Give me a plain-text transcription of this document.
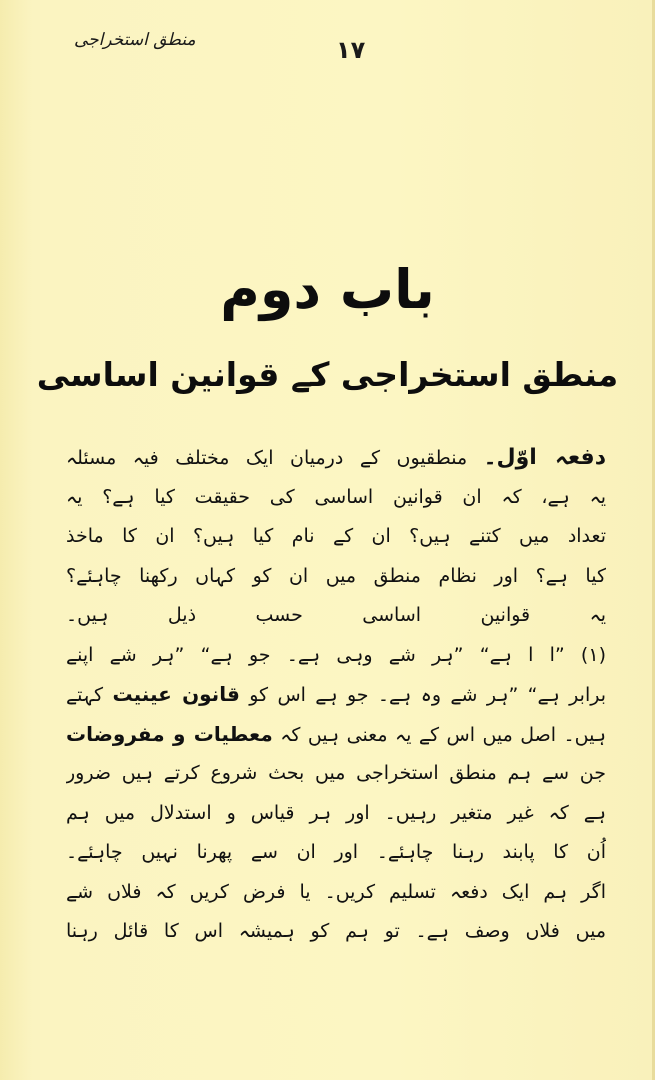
منطق استخراجی	۱۷
باب دوم
منطق استخراجی کے قوانین اساسی
دفعہ اوّل۔ منطقیوں کے درمیان ایک مختلف فیہ مسئلہ
یہ ہے، کہ ان قوانین اساسی کی حقیقت کیا ہے؟ یہ
تعداد میں کتنے ہیں؟ ان کے نام کیا ہیں؟ ان کا ماخذ
کیا ہے؟ اور نظام منطق میں ان کو کہاں رکھنا چاہئے؟
یہ قوانین اساسی حسب ذیل ہیں۔
(۱) ”ا ا ہے“ ”ہر شے وہی ہے۔ جو ہے“ ”ہر شے اپنے
برابر ہے“ ”ہر شے وہ ہے۔ جو ہے اس کو قانون عینیت کہتے
ہیں۔ اصل میں اس کے یہ معنی ہیں کہ معطیات و مفروضات
جن سے ہم منطق استخراجی میں بحث شروع کرتے ہیں ضرور
ہے کہ غیر متغیر رہیں۔ اور ہر قیاس و استدلال میں ہم
اُن کا پابند رہنا چاہئے۔ اور ان سے پھرنا نہیں چاہئے۔
اگر ہم ایک دفعہ تسلیم کریں۔ یا فرض کریں کہ فلاں شے
میں فلاں وصف ہے۔ تو ہم کو ہمیشہ اس کا قائل رہنا
